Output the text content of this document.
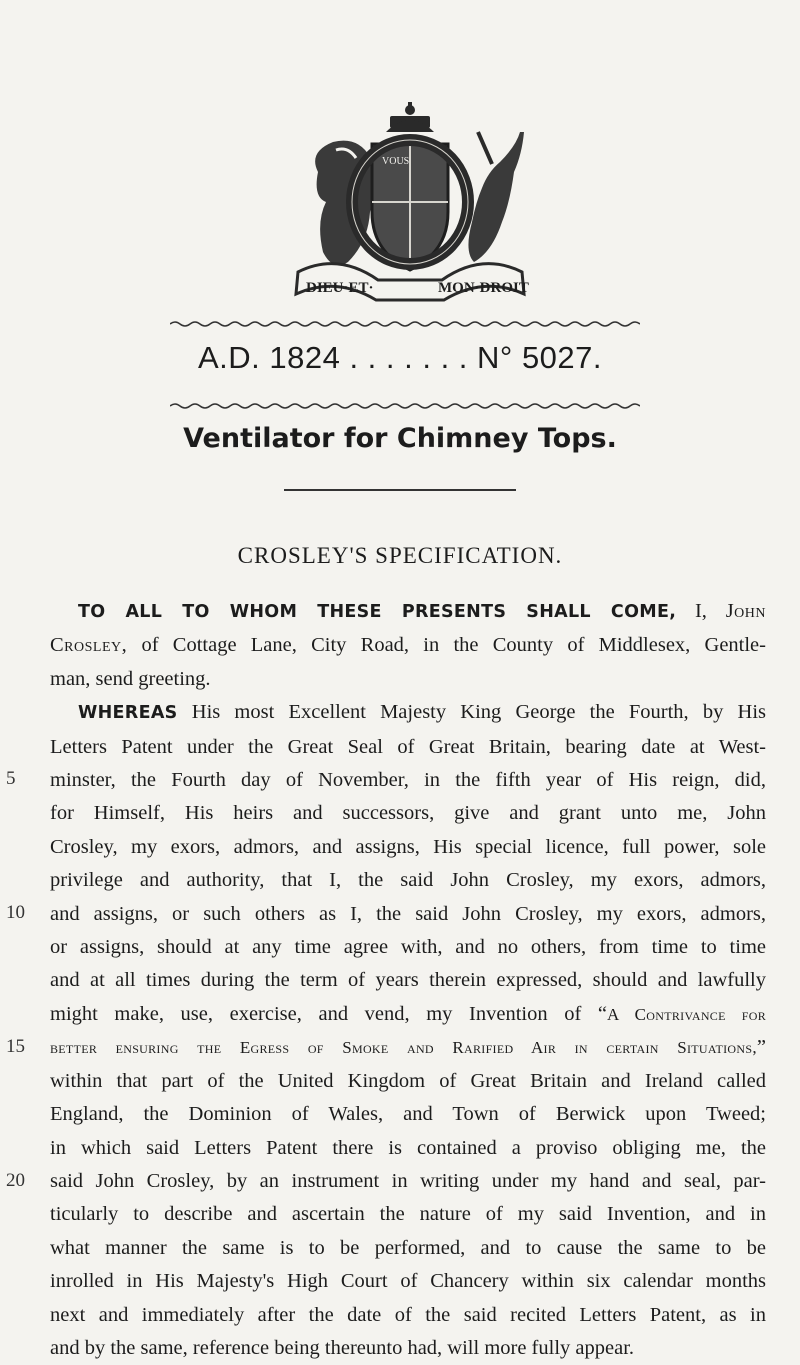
VOUS
DIEU·ET·	MON·DROIT
A.D. 1824 . . . . . . . N° 5027.
Ventilator for Chimney Tops.
CROSLEY'S SPECIFICATION.
5
10
15
20
TO ALL TO WHOM THESE PRESENTS SHALL COME, I, John
Crosley, of Cottage Lane, City Road, in the County of Middlesex, Gentle-
man, send greeting.
WHEREAS His most Excellent Majesty King George the Fourth, by His
Letters Patent under the Great Seal of Great Britain, bearing date at West-
minster, the Fourth day of November, in the fifth year of His reign, did,
for Himself, His heirs and successors, give and grant unto me, John
Crosley, my exors, admors, and assigns, His special licence, full power, sole
privilege and authority, that I, the said John Crosley, my exors, admors,
and assigns, or such others as I, the said John Crosley, my exors, admors,
or assigns, should at any time agree with, and no others, from time to time
and at all times during the term of years therein expressed, should and lawfully
might make, use, exercise, and vend, my Invention of “A Contrivance for
better ensuring the Egress of Smoke and Rarified Air in certain Situations,”
within that part of the United Kingdom of Great Britain and Ireland called
England, the Dominion of Wales, and Town of Berwick upon Tweed;
in which said Letters Patent there is contained a proviso obliging me, the
said John Crosley, by an instrument in writing under my hand and seal, par-
ticularly to describe and ascertain the nature of my said Invention, and in
what manner the same is to be performed, and to cause the same to be
inrolled in His Majesty's High Court of Chancery within six calendar months
next and immediately after the date of the said recited Letters Patent, as in
and by the same, reference being thereunto had, will more fully appear.
